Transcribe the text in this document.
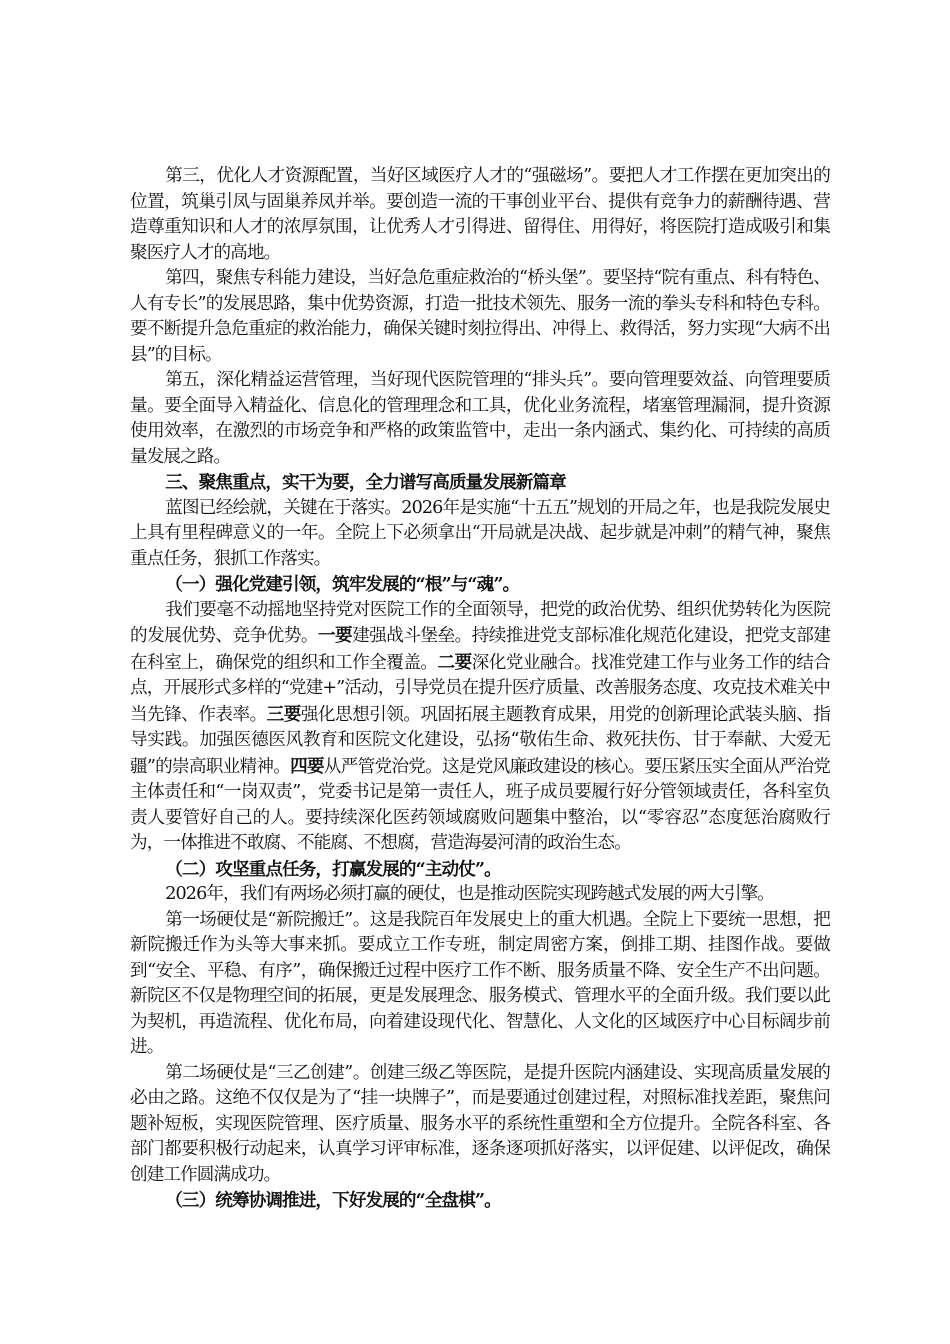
第三，优化人才资源配置，当好区域医疗人才的“强磁场”。要把人才工作摆在更加突出的位置，筑巢引凤与固巢养凤并举。要创造一流的干事创业平台、提供有竞争力的薪酬待遇、营造尊重知识和人才的浓厚氛围，让优秀人才引得进、留得住、用得好，将医院打造成吸引和集聚医疗人才的高地。

第四，聚焦专科能力建设，当好急危重症救治的“桥头堡”。要坚持“院有重点、科有特色、人有专长”的发展思路，集中优势资源，打造一批技术领先、服务一流的拳头专科和特色专科。要不断提升急危重症的救治能力，确保关键时刻拉得出、冲得上、救得活，努力实现“大病不出县”的目标。

第五，深化精益运营管理，当好现代医院管理的“排头兵”。要向管理要效益、向管理要质量。要全面导入精益化、信息化的管理理念和工具，优化业务流程，堵塞管理漏洞，提升资源使用效率，在激烈的市场竞争和严格的政策监管中，走出一条内涵式、集约化、可持续的高质量发展之路。

三、聚焦重点，实干为要，全力谱写高质量发展新篇章

蓝图已经绘就，关键在于落实。2026年是实施“十五五”规划的开局之年，也是我院发展史上具有里程碑意义的一年。全院上下必须拿出“开局就是决战、起步就是冲刺”的精气神，聚焦重点任务，狠抓工作落实。

（一）强化党建引领，筑牢发展的“根”与“魂”。

我们要毫不动摇地坚持党对医院工作的全面领导，把党的政治优势、组织优势转化为医院的发展优势、竞争优势。一要建强战斗堡垒。持续推进党支部标准化规范化建设，把党支部建在科室上，确保党的组织和工作全覆盖。二要深化党业融合。找准党建工作与业务工作的结合点，开展形式多样的“党建+”活动，引导党员在提升医疗质量、改善服务态度、攻克技术难关中当先锋、作表率。三要强化思想引领。巩固拓展主题教育成果，用党的创新理论武装头脑、指导实践。加强医德医风教育和医院文化建设，弘扬“敬佑生命、救死扶伤、甘于奉献、大爱无疆”的崇高职业精神。四要从严管党治党。这是党风廉政建设的核心。要压紧压实全面从严治党主体责任和“一岗双责”，党委书记是第一责任人，班子成员要履行好分管领域责任，各科室负责人要管好自己的人。要持续深化医药领域腐败问题集中整治，以“零容忍”态度惩治腐败行为，一体推进不敢腐、不能腐、不想腐，营造海晏河清的政治生态。

（二）攻坚重点任务，打赢发展的“主动仗”。

2026年，我们有两场必须打赢的硬仗，也是推动医院实现跨越式发展的两大引擎。

第一场硬仗是“新院搬迁”。这是我院百年发展史上的重大机遇。全院上下要统一思想，把新院搬迁作为头等大事来抓。要成立工作专班，制定周密方案，倒排工期、挂图作战。要做到“安全、平稳、有序”，确保搬迁过程中医疗工作不断、服务质量不降、安全生产不出问题。新院区不仅是物理空间的拓展，更是发展理念、服务模式、管理水平的全面升级。我们要以此为契机，再造流程、优化布局，向着建设现代化、智慧化、人文化的区域医疗中心目标阔步前进。

第二场硬仗是“三乙创建”。创建三级乙等医院，是提升医院内涵建设、实现高质量发展的必由之路。这绝不仅仅是为了“挂一块牌子”，而是要通过创建过程，对照标准找差距，聚焦问题补短板，实现医院管理、医疗质量、服务水平的系统性重塑和全方位提升。全院各科室、各部门都要积极行动起来，认真学习评审标准，逐条逐项抓好落实，以评促建、以评促改，确保创建工作圆满成功。

（三）统筹协调推进，下好发展的“全盘棋”。
